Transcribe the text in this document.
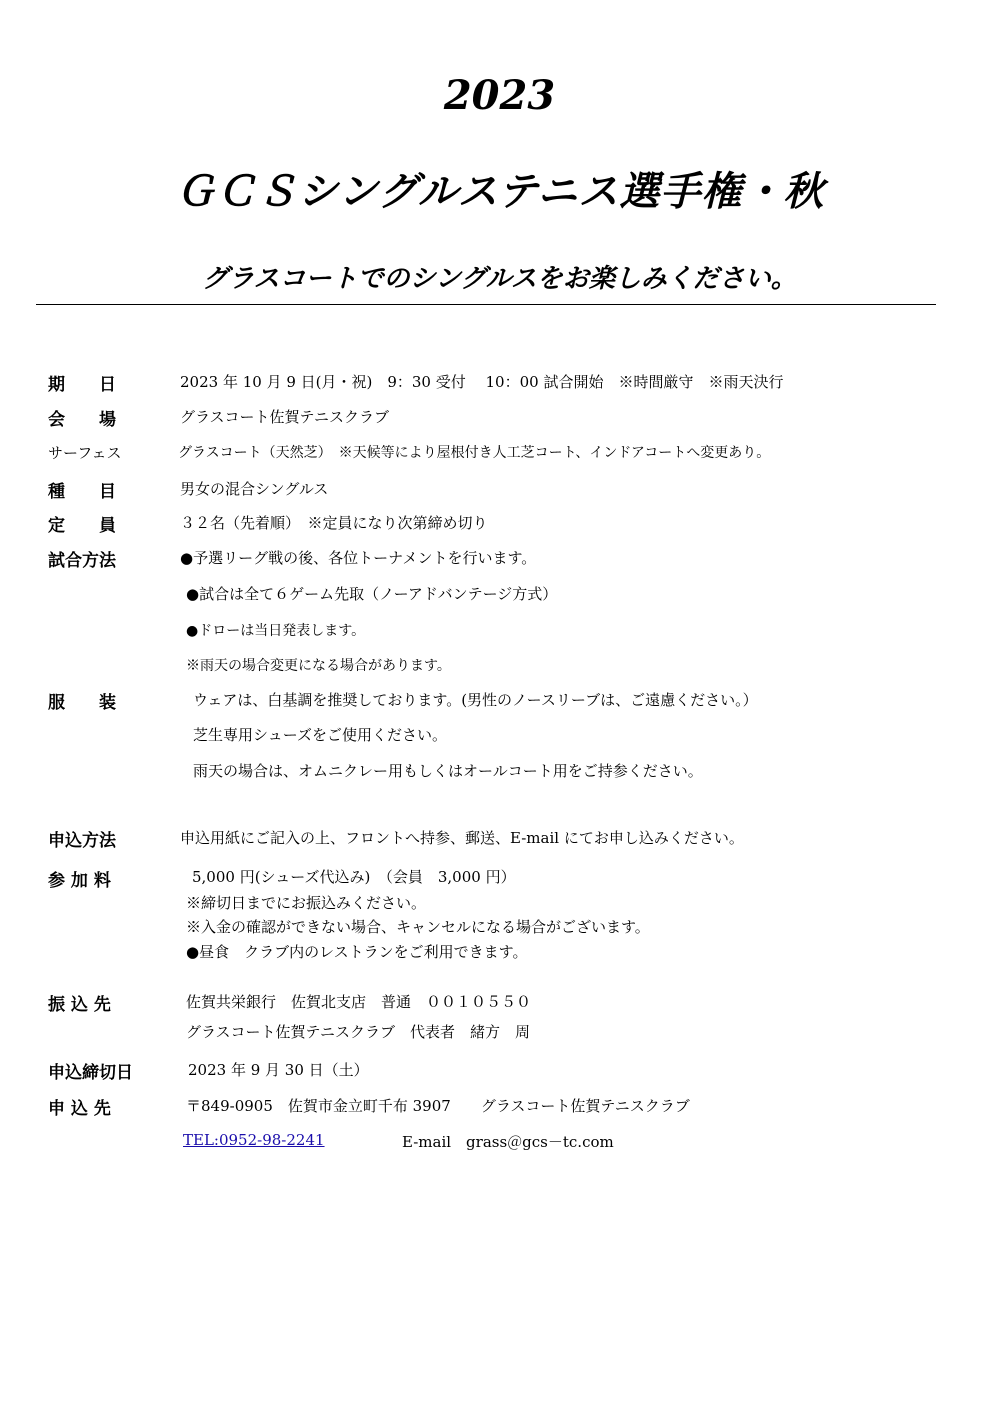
2023
ＧＣＳシングルステニス選手権・秋
グラスコートでのシングルスをお楽しみください。
期　　日	2023 年 10 月 9 日(月・祝)　9：30 受付　 10：00 試合開始　※時間厳守　※雨天決行
会　　場	グラスコート佐賀テニスクラブ
サーフェス	グラスコート（天然芝）　※天候等により屋根付き人工芝コート、インドアコートへ変更あり。
種　　目	男女の混合シングルス
定　　員	３２名（先着順）　※定員になり次第締め切り
試合方法	●予選リーグ戦の後、各位トーナメントを行います。
●試合は全て６ゲーム先取（ノーアドバンテージ方式）
●ドローは当日発表します。
※雨天の場合変更になる場合があります。
服　　装	ウェアは、白基調を推奨しております。(男性のノースリーブは、ご遠慮ください。）
芝生専用シューズをご使用ください。
雨天の場合は、オムニクレー用もしくはオールコート用をご持参ください。
申込方法	申込用紙にご記入の上、フロントへ持参、郵送、E-mail にてお申し込みください。
参 加 料	5,000 円(シューズ代込み)　（会員　3,000 円）
※締切日までにお振込みください。
※入金の確認ができない場合、キャンセルになる場合がございます。
●昼食　クラブ内のレストランをご利用できます。
振 込 先	佐賀共栄銀行　佐賀北支店　普通　００１０５５０
グラスコート佐賀テニスクラブ　代表者　緒方　周
申込締切日	2023 年 9 月 30 日（土）
申 込 先	〒849-0905　佐賀市金立町千布 3907　　グラスコート佐賀テニスクラブ
TEL:0952-98-2241	E-mail　grass＠gcs－tc.com
